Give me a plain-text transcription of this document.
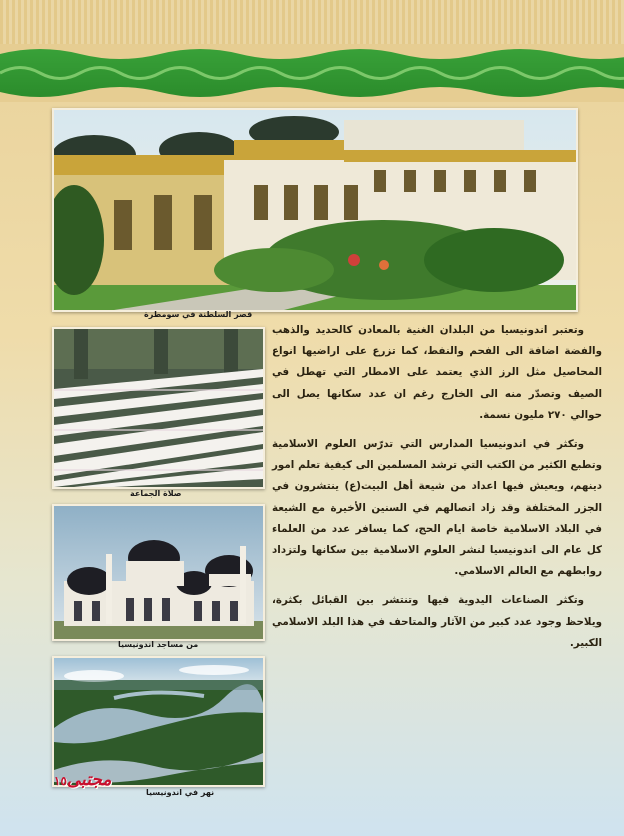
قصر السلطنة في سومطرة
صلاة الجماعة
من مساجد اندونيسيا
نهر في اندونيسيا
مجتبى١٥

وتعتبر اندونيسيا من البلدان الغنية بالمعادن كالحديد والذهب والفضة اضافة الى الفحم والنفط، كما تزرع على اراضيها انواع المحاصيل مثل الرز الذي يعتمد على الامطار التي تهطل في الصيف وتصدّر منه الى الخارج رغم ان عدد سكانها يصل الى حوالي ٢٧٠ مليون نسمة.

وتكثر في اندونيسيا المدارس التي تدرّس العلوم الاسلامية وتطبع الكثير من الكتب التي ترشد المسلمين الى كيفية تعلم امور دينهم، ويعيش فيها اعداد من شيعة أهل البيت(ع) ينتشرون في الجزر المختلفة وقد زاد اتصالهم في السنين الأخيرة مع الشيعة في البلاد الاسلامية خاصة ايام الحج، كما يسافر عدد من العلماء كل عام الى اندونيسيا لنشر العلوم الاسلامية بين سكانها ولتزداد روابطهم مع العالم الاسلامي.

وتكثر الصناعات اليدوية فيها وتنتشر بين القبائل بكثرة، ويلاحظ وجود عدد كبير من الآثار والمتاحف في هذا البلد الاسلامي الكبير.
